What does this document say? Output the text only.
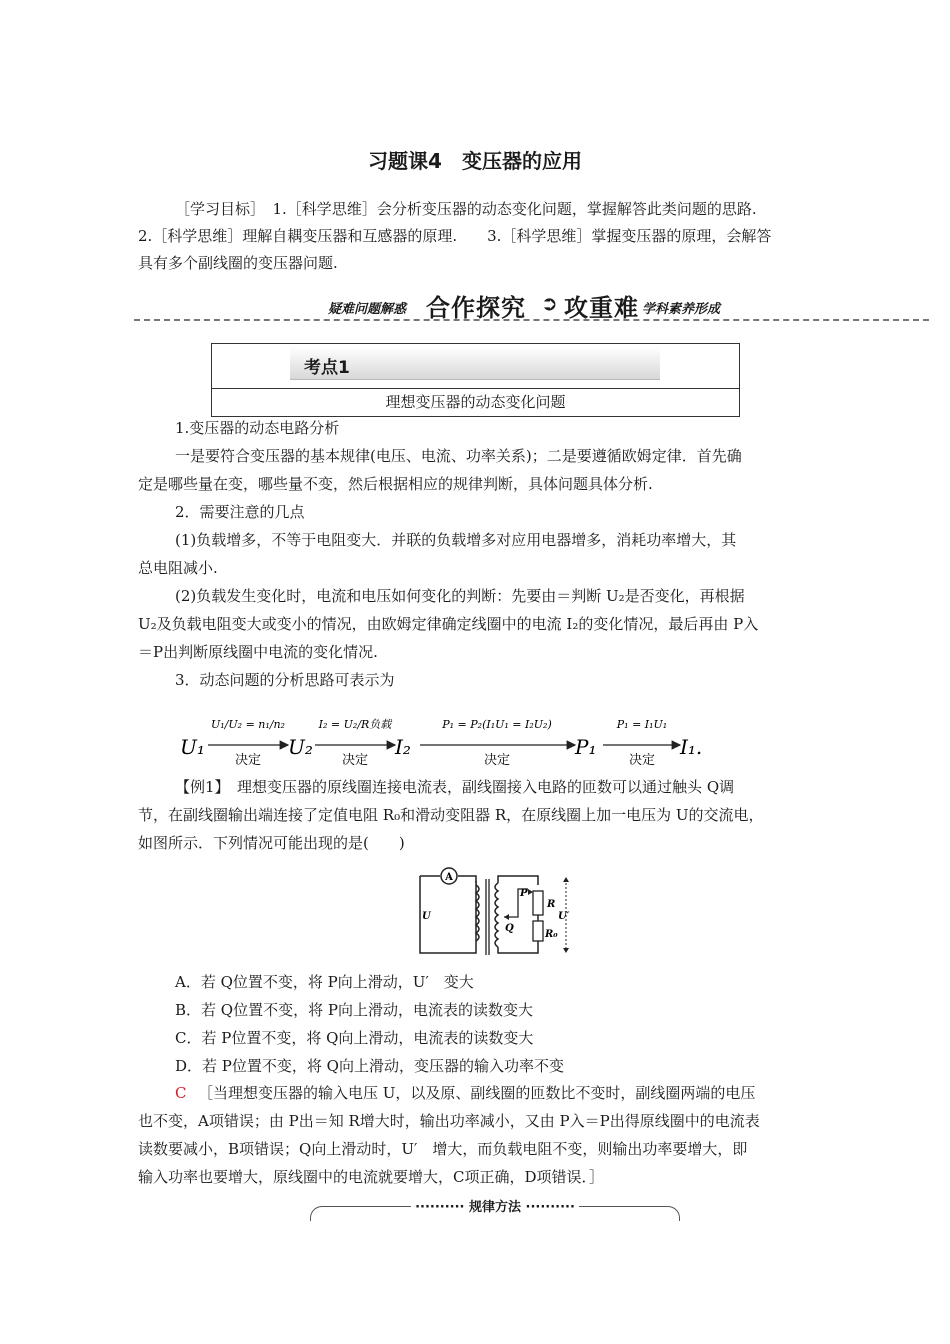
习题课4　变压器的应用
［学习目标］　1.［科学思维］会分析变压器的动态变化问题，掌握解答此类问题的思路.
2.［科学思维］理解自耦变压器和互感器的原理.　　3.［科学思维］掌握变压器的原理，会解答
具有多个副线圈的变压器问题.
疑难问题解惑 合作探究 ➲ 攻重难 学科素养形成
考点1
理想变压器的动态变化问题
1.变压器的动态电路分析
一是要符合变压器的基本规律(电压、电流、功率关系)；二是要遵循欧姆定律．首先确
定是哪些量在变，哪些量不变，然后根据相应的规律判断，具体问题具体分析.
2．需要注意的几点
(1)负载增多，不等于电阻变大．并联的负载增多对应用电器增多，消耗功率增大，其
总电阻减小.
(2)负载发生变化时，电流和电压如何变化的判断：先要由＝判断 U₂是否变化，再根据
U₂及负载电阻变大或变小的情况，由欧姆定律确定线圈中的电流 I₂的变化情况，最后再由 P入
＝P出判断原线圈中电流的变化情况.
3．动态问题的分析思路可表示为
U₁	U₂	I₂	P₁	I₁.
U₁/U₂ = n₁/n₂	I₂ = U₂/R负载	P₁ = P₂(I₁U₁ = I₂U₂)	P₁ = I₁U₁
决定	决定	决定	决定
【例1】　理想变压器的原线圈连接电流表，副线圈接入电路的匝数可以通过触头 Q调
节，在副线圈输出端连接了定值电阻 R₀和滑动变阻器 R，在原线圈上加一电压为 U的交流电，
如图所示．下列情况可能出现的是(　　)
A
U
Q
P
R
R₀
U′
A．若 Q位置不变，将 P向上滑动，U′　变大
B．若 Q位置不变，将 P向上滑动，电流表的读数变大
C．若 P位置不变，将 Q向上滑动，电流表的读数变大
D．若 P位置不变，将 Q向上滑动，变压器的输入功率不变
C ［当理想变压器的输入电压 U，以及原、副线圈的匝数比不变时，副线圈两端的电压
也不变，A项错误；由 P出＝知 R增大时，输出功率减小，又由 P入＝P出得原线圈中的电流表
读数要减小，B项错误；Q向上滑动时，U′　增大，而负载电阻不变，则输出功率要增大，即
输入功率也要增大，原线圈中的电流就要增大，C项正确，D项错误．］
·········· 规律方法 ··········
